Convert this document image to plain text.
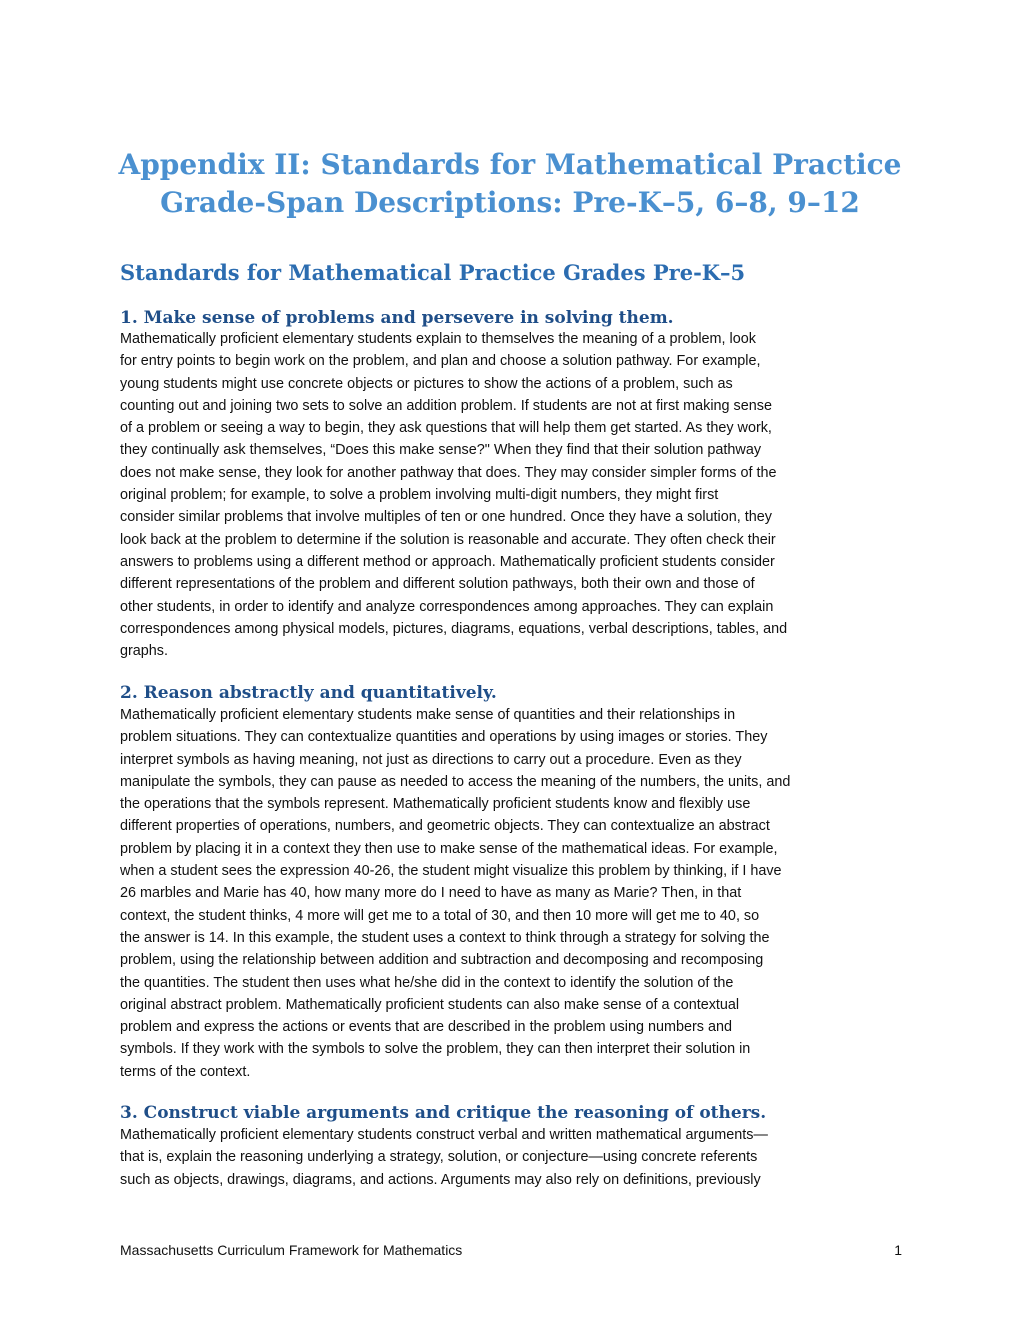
Appendix II: Standards for Mathematical Practice
Grade-Span Descriptions: Pre-K–5, 6–8, 9–12
Standards for Mathematical Practice Grades Pre-K–5
1. Make sense of problems and persevere in solving them.
Mathematically proficient elementary students explain to themselves the meaning of a problem, look
for entry points to begin work on the problem, and plan and choose a solution pathway. For example,
young students might use concrete objects or pictures to show the actions of a problem, such as
counting out and joining two sets to solve an addition problem. If students are not at first making sense
of a problem or seeing a way to begin, they ask questions that will help them get started. As they work,
they continually ask themselves, “Does this make sense?" When they find that their solution pathway
does not make sense, they look for another pathway that does. They may consider simpler forms of the
original problem; for example, to solve a problem involving multi-digit numbers, they might first
consider similar problems that involve multiples of ten or one hundred. Once they have a solution, they
look back at the problem to determine if the solution is reasonable and accurate. They often check their
answers to problems using a different method or approach. Mathematically proficient students consider
different representations of the problem and different solution pathways, both their own and those of
other students, in order to identify and analyze correspondences among approaches. They can explain
correspondences among physical models, pictures, diagrams, equations, verbal descriptions, tables, and
graphs.
2. Reason abstractly and quantitatively.
Mathematically proficient elementary students make sense of quantities and their relationships in
problem situations. They can contextualize quantities and operations by using images or stories. They
interpret symbols as having meaning, not just as directions to carry out a procedure. Even as they
manipulate the symbols, they can pause as needed to access the meaning of the numbers, the units, and
the operations that the symbols represent. Mathematically proficient students know and flexibly use
different properties of operations, numbers, and geometric objects. They can contextualize an abstract
problem by placing it in a context they then use to make sense of the mathematical ideas. For example,
when a student sees the expression 40-26, the student might visualize this problem by thinking, if I have
26 marbles and Marie has 40, how many more do I need to have as many as Marie? Then, in that
context, the student thinks, 4 more will get me to a total of 30, and then 10 more will get me to 40, so
the answer is 14. In this example, the student uses a context to think through a strategy for solving the
problem, using the relationship between addition and subtraction and decomposing and recomposing
the quantities. The student then uses what he/she did in the context to identify the solution of the
original abstract problem. Mathematically proficient students can also make sense of a contextual
problem and express the actions or events that are described in the problem using numbers and
symbols. If they work with the symbols to solve the problem, they can then interpret their solution in
terms of the context.
3. Construct viable arguments and critique the reasoning of others.
Mathematically proficient elementary students construct verbal and written mathematical arguments—
that is, explain the reasoning underlying a strategy, solution, or conjecture—using concrete referents
such as objects, drawings, diagrams, and actions. Arguments may also rely on definitions, previously
Massachusetts Curriculum Framework for Mathematics	1
